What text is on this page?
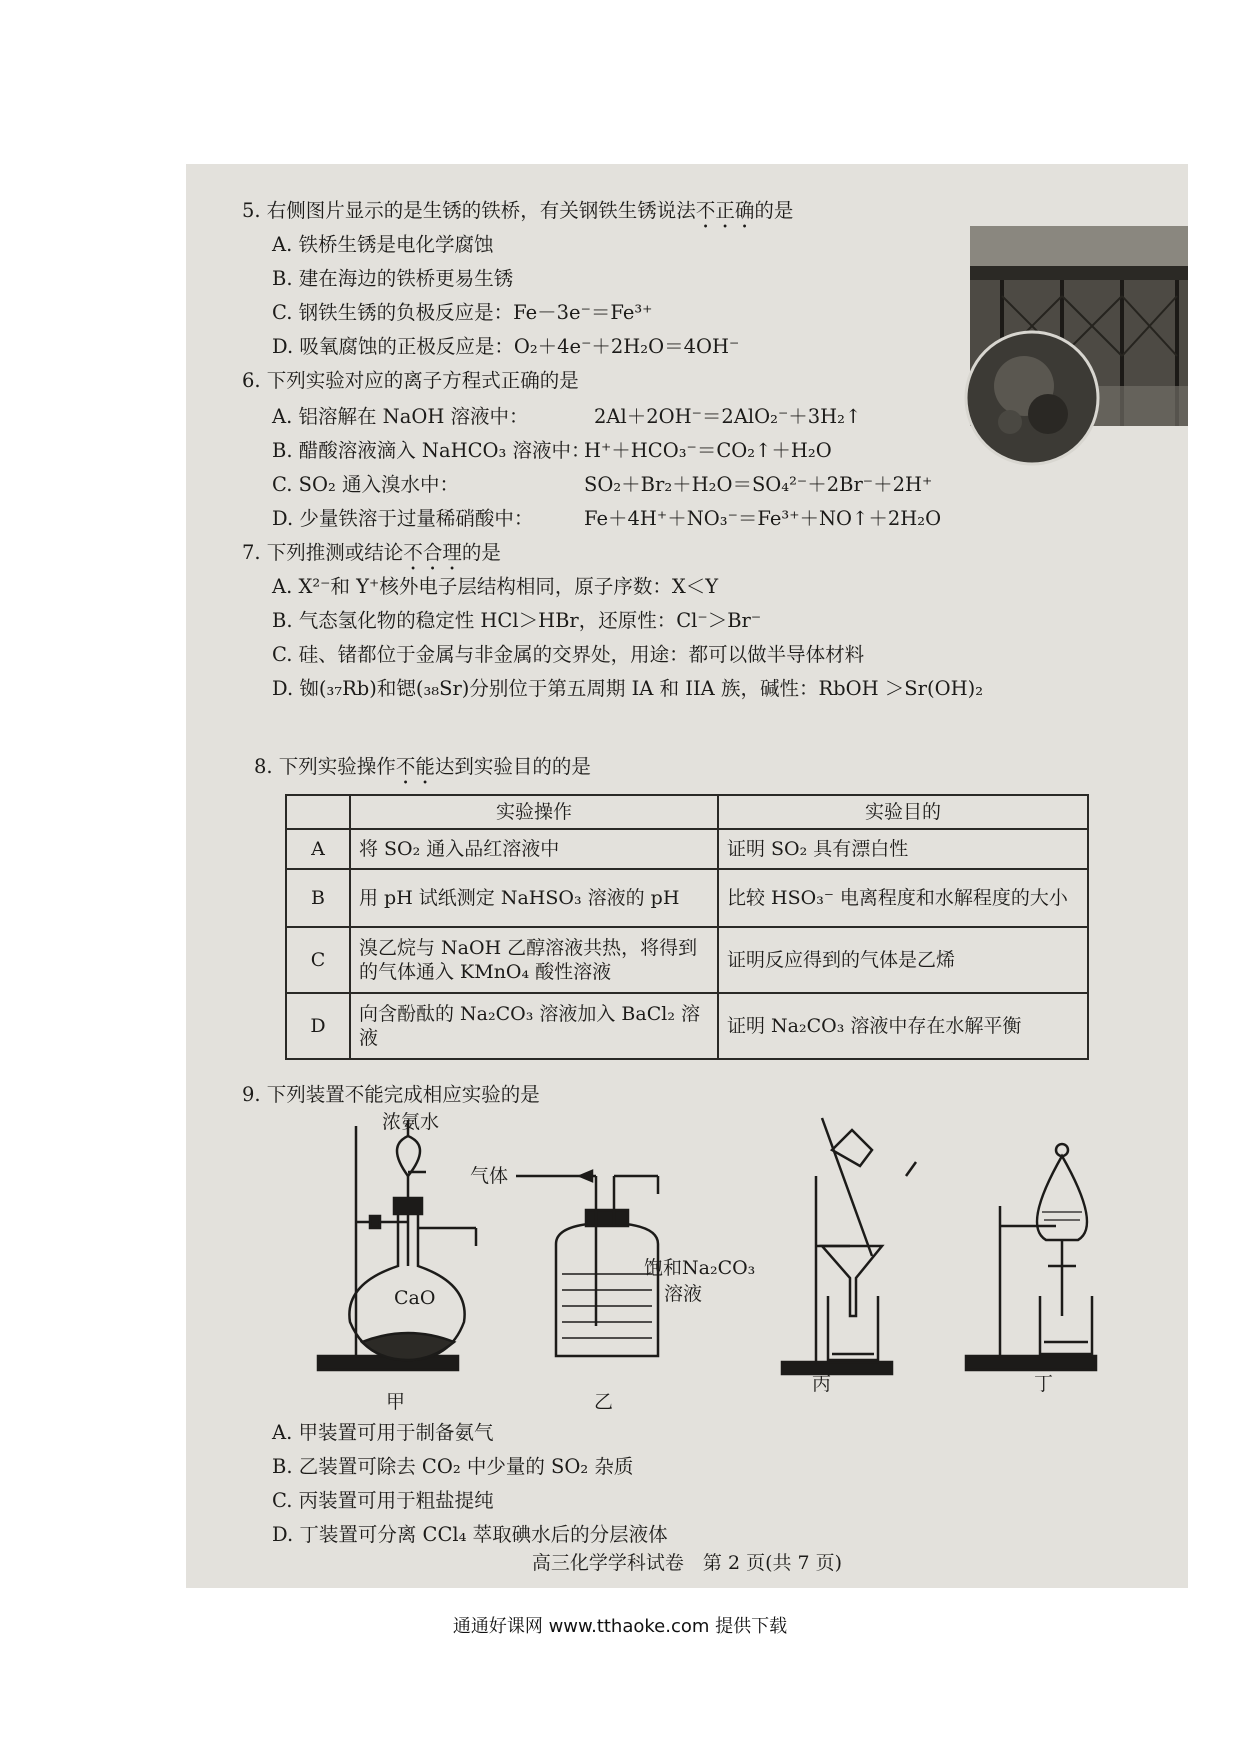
5. 右侧图片显示的是生锈的铁桥，有关钢铁生锈说法不正确的是
A. 铁桥生锈是电化学腐蚀
B. 建在海边的铁桥更易生锈
C. 钢铁生锈的负极反应是：Fe－3e⁻＝Fe³⁺
D. 吸氧腐蚀的正极反应是：O₂＋4e⁻＋2H₂O＝4OH⁻
6. 下列实验对应的离子方程式正确的是
A. 铝溶解在 NaOH 溶液中：	2Al＋2OH⁻＝2AlO₂⁻＋3H₂↑
B. 醋酸溶液滴入 NaHCO₃ 溶液中：
H⁺＋HCO₃⁻＝CO₂↑＋H₂O
C. SO₂ 通入溴水中：	SO₂＋Br₂＋H₂O＝SO₄²⁻＋2Br⁻＋2H⁺
D. 少量铁溶于过量稀硝酸中：	Fe＋4H⁺＋NO₃⁻＝Fe³⁺＋NO↑＋2H₂O
7. 下列推测或结论不合理的是
A. X²⁻和 Y⁺核外电子层结构相同，原子序数：X＜Y
B. 气态氢化物的稳定性 HCl＞HBr，还原性：Cl⁻＞Br⁻
C. 硅、锗都位于金属与非金属的交界处，用途：都可以做半导体材料
D. 铷(₃₇Rb)和锶(₃₈Sr)分别位于第五周期 IA 和 IIA 族，碱性：RbOH ＞Sr(OH)₂
8. 下列实验操作不能达到实验目的的是
	实验操作	实验目的
A	将 SO₂ 通入品红溶液中	证明 SO₂ 具有漂白性
B	用 pH 试纸测定 NaHSO₃ 溶液的 pH	比较 HSO₃⁻ 电离程度和水解程度的大小
C	溴乙烷与 NaOH 乙醇溶液共热，将得到的气体通入 KMnO₄ 酸性溶液	证明反应得到的气体是乙烯
D	向含酚酞的 Na₂CO₃ 溶液加入 BaCl₂ 溶液	证明 Na₂CO₃ 溶液中存在水解平衡
9. 下列装置不能完成相应实验的是
浓氨水
CaO
气体
饱和Na₂CO₃
溶液
甲	乙
丙	丁
A. 甲装置可用于制备氨气
B. 乙装置可除去 CO₂ 中少量的 SO₂ 杂质
C. 丙装置可用于粗盐提纯
D. 丁装置可分离 CCl₄ 萃取碘水后的分层液体
高三化学学科试卷　第 2 页(共 7 页)
通通好课网 www.tthaoke.com 提供下载
